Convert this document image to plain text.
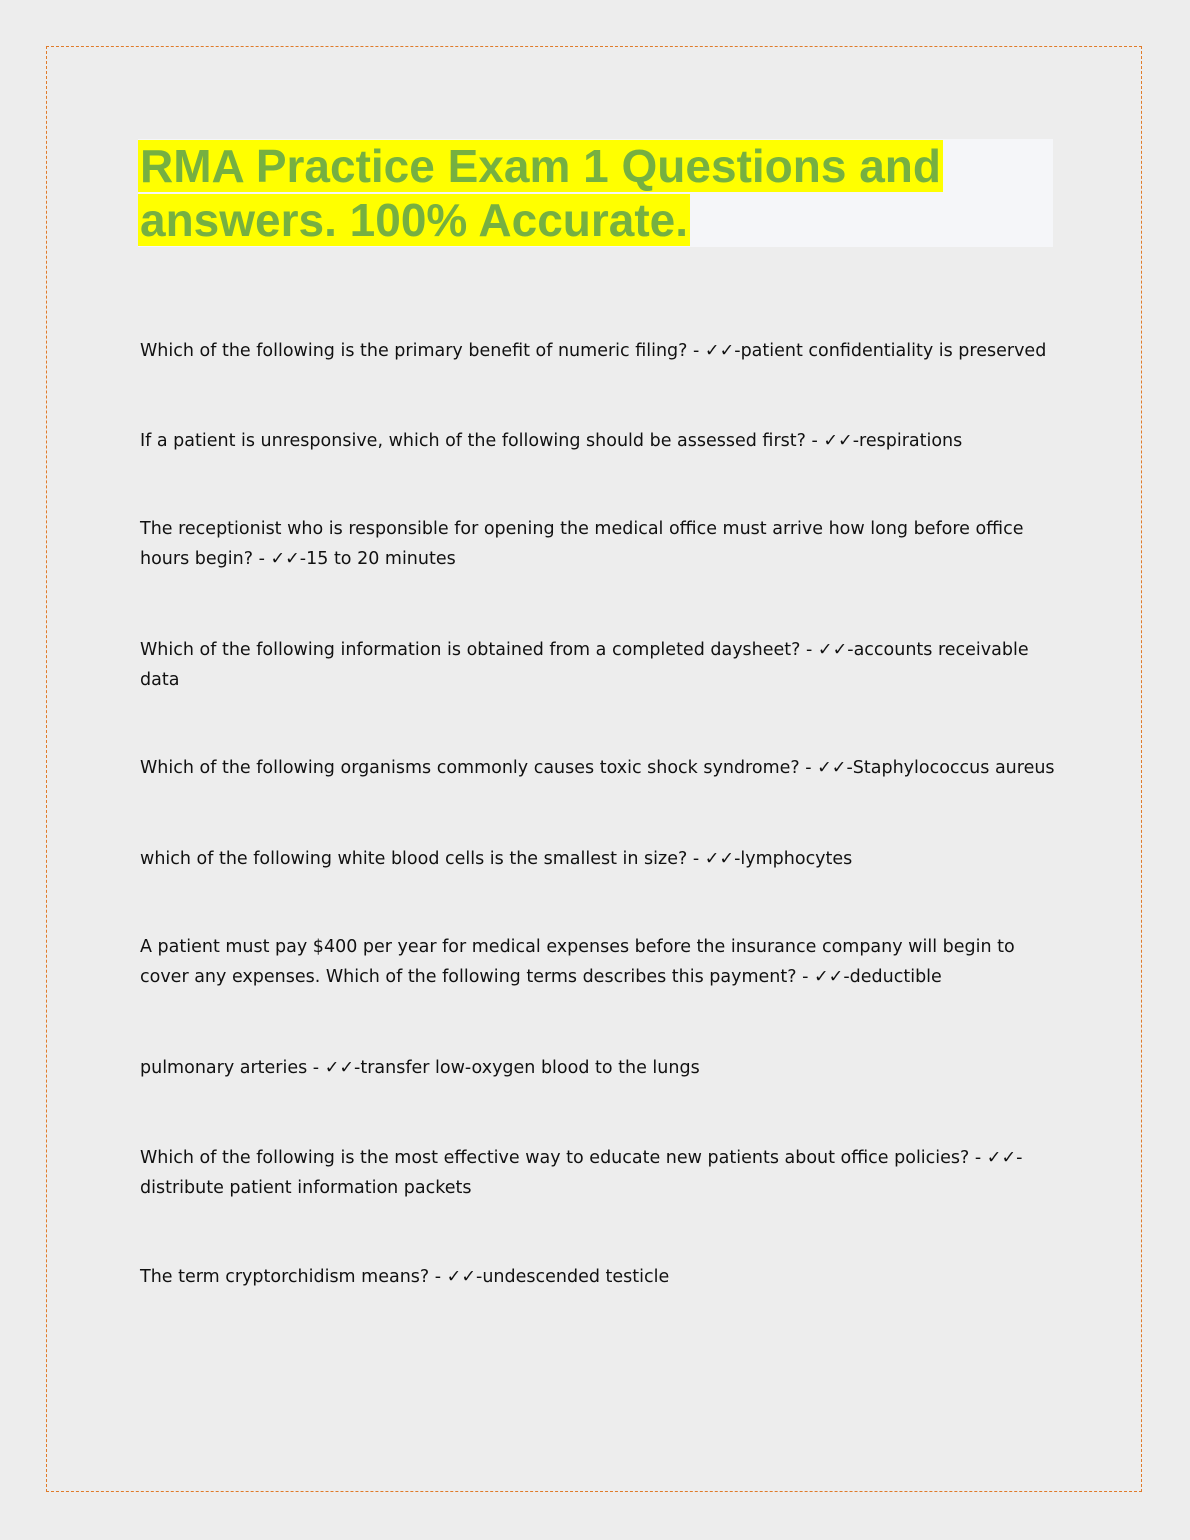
RMA Practice Exam 1 Questions and answers. 100% Accurate.

Which of the following is the primary benefit of numeric filing? - ✓✓-patient confidentiality is preserved

If a patient is unresponsive, which of the following should be assessed first? - ✓✓-respirations

The receptionist who is responsible for opening the medical office must arrive how long before office hours begin? - ✓✓-15 to 20 minutes

Which of the following information is obtained from a completed daysheet? - ✓✓-accounts receivable data

Which of the following organisms commonly causes toxic shock syndrome? - ✓✓-Staphylococcus aureus

which of the following white blood cells is the smallest in size? - ✓✓-lymphocytes

A patient must pay $400 per year for medical expenses before the insurance company will begin to cover any expenses. Which of the following terms describes this payment? - ✓✓-deductible

pulmonary arteries - ✓✓-transfer low-oxygen blood to the lungs

Which of the following is the most effective way to educate new patients about office policies? - ✓✓-distribute patient information packets

The term cryptorchidism means? - ✓✓-undescended testicle
